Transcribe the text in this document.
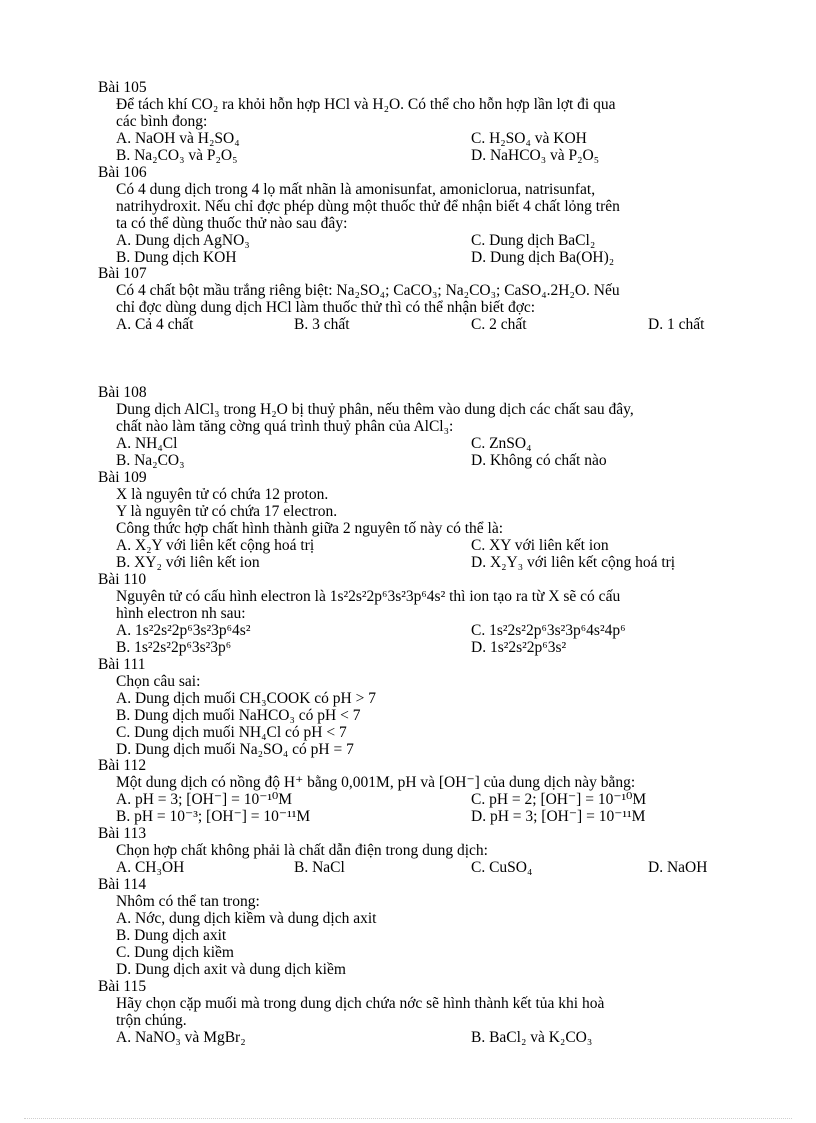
Bài 105
Để tách khí CO₂ ra khỏi hỗn hợp HCl và H₂O. Có thể cho hỗn hợp lần lợt đi qua
các bình đong:
A. NaOH và H₂SO₄	C. H₂SO₄ và KOH
B. Na₂CO₃ và P₂O₅	D. NaHCO₃ và P₂O₅
Bài 106
Có 4 dung dịch trong 4 lọ mất nhãn là amonisunfat, amoniclorua, natrisunfat,
natrihydroxit. Nếu chỉ đợc phép dùng một thuốc thử để nhận biết 4 chất lỏng trên
ta có thể dùng thuốc thử nào sau đây:
A. Dung dịch AgNO₃	C. Dung dịch BaCl₂
B. Dung dịch KOH	D. Dung dịch Ba(OH)₂
Bài 107
Có 4 chất bột mầu trắng riêng biệt: Na₂SO₄; CaCO₃; Na₂CO₃; CaSO₄.2H₂O. Nếu
chỉ đợc dùng dung dịch HCl làm thuốc thử thì có thể nhận biết đợc:
A. Cả 4 chất	B. 3 chất	C. 2 chất	D. 1 chất
Bài 108
Dung dịch AlCl₃ trong H₂O bị thuỷ phân, nếu thêm vào dung dịch các chất sau đây,
chất nào làm tăng cờng quá trình thuỷ phân của AlCl₃:
A. NH₄Cl	C. ZnSO₄
B. Na₂CO₃	D. Không có chất nào
Bài 109
X là nguyên tử có chứa 12 proton.
Y là nguyên tử có chứa 17 electron.
Công thức hợp chất hình thành giữa 2 nguyên tố này có thể là:
A. X₂Y với liên kết cộng hoá trị	C. XY với liên kết ion
B. XY₂ với liên kết ion	D. X₂Y₃ với liên kết cộng hoá trị
Bài 110
Nguyên tử có cấu hình electron là 1s²2s²2p⁶3s²3p⁶4s² thì ion tạo ra từ X sẽ có cấu
hình electron nh sau:
A. 1s²2s²2p⁶3s²3p⁶4s²	C. 1s²2s²2p⁶3s²3p⁶4s²4p⁶
B. 1s²2s²2p⁶3s²3p⁶	D. 1s²2s²2p⁶3s²
Bài 111
Chọn câu sai:
A. Dung dịch muối CH₃COOK có pH > 7
B. Dung dịch muối NaHCO₃ có pH < 7
C. Dung dịch muối NH₄Cl có pH < 7
D. Dung dịch muối Na₂SO₄ có pH = 7
Bài 112
Một dung dịch có nồng độ H⁺ bằng 0,001M, pH và [OH⁻] của dung dịch này bằng:
A. pH = 3; [OH⁻] = 10⁻¹⁰M	C. pH = 2; [OH⁻] = 10⁻¹⁰M
B. pH = 10⁻³; [OH⁻] = 10⁻¹¹M	D. pH = 3; [OH⁻] = 10⁻¹¹M
Bài 113
Chọn hợp chất không phải là chất dẫn điện trong dung dịch:
A. CH₃OH	B. NaCl	C. CuSO₄	D. NaOH
Bài 114
Nhôm có thể tan trong:
A. Nớc, dung dịch kiềm và dung dịch axit
B. Dung dịch axit
C. Dung dịch kiềm
D. Dung dịch axit và dung dịch kiềm
Bài 115
Hãy chọn cặp muối mà trong dung dịch chứa nớc sẽ hình thành kết tủa khi hoà
trộn chúng.
A. NaNO₃ và MgBr₂	B. BaCl₂ và K₂CO₃
